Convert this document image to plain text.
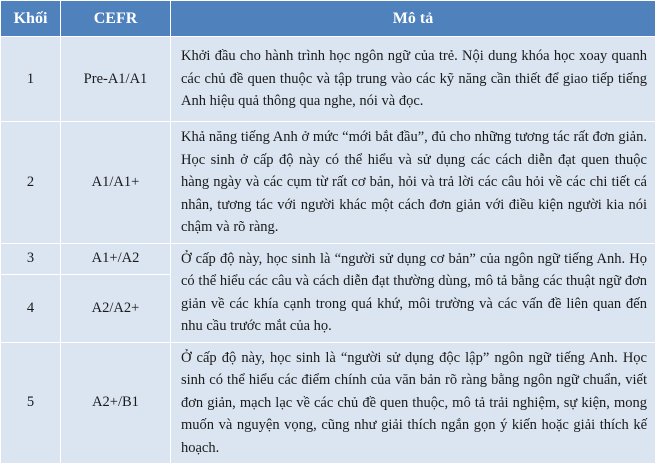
Khối	CEFR	Mô tả
1	Pre-A1/A1	Khởi đầu cho hành trình học ngôn ngữ của trẻ. Nội dung khóa học xoay quanh các chủ đề quen thuộc và tập trung vào các kỹ năng cần thiết để giao tiếp tiếng Anh hiệu quả thông qua nghe, nói và đọc.
2	A1/A1+	Khả năng tiếng Anh ở mức “mới bắt đầu”, đủ cho những tương tác rất đơn giản. Học sinh ở cấp độ này có thể hiểu và sử dụng các cách diễn đạt quen thuộc hàng ngày và các cụm từ rất cơ bản, hỏi và trả lời các câu hỏi về các chi tiết cá nhân, tương tác với người khác một cách đơn giản với điều kiện người kia nói chậm và rõ ràng.
3	A1+/A2	Ở cấp độ này, học sinh là “người sử dụng cơ bản” của ngôn ngữ tiếng Anh. Họ có thể hiểu các câu và cách diễn đạt thường dùng, mô tả bằng các thuật ngữ đơn giản về các khía cạnh trong quá khứ, môi trường và các vấn đề liên quan đến nhu cầu trước mắt của họ.
4	A2/A2+	
5	A2+/B1	Ở cấp độ này, học sinh là “người sử dụng độc lập” ngôn ngữ tiếng Anh. Học sinh có thể hiểu các điểm chính của văn bản rõ ràng bằng ngôn ngữ chuẩn, viết đơn giản, mạch lạc về các chủ đề quen thuộc, mô tả trải nghiệm, sự kiện, mong muốn và nguyện vọng, cũng như giải thích ngắn gọn ý kiến hoặc giải thích kế hoạch.
